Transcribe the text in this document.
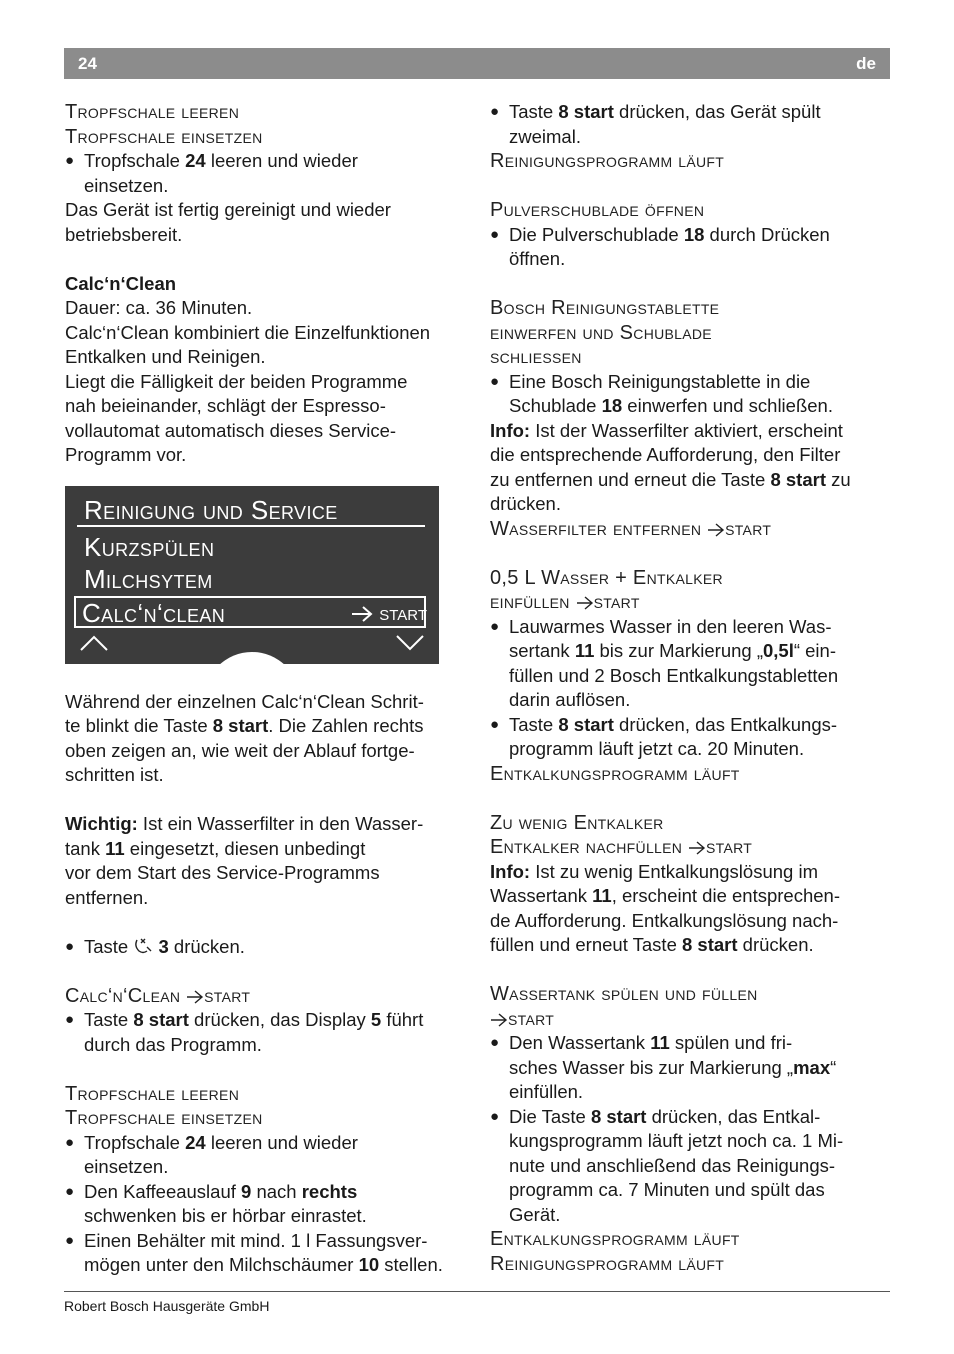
24	de
Tropfschale leeren
Tropfschale einsetzen
● Tropfschale 24 leeren und wieder
einsetzen.
Das Gerät ist fertig gereinigt und wieder
betriebsbereit.
Calc‘n‘Clean
Dauer: ca. 36 Minuten.
Calc‘n‘Clean kombiniert die Einzelfunktionen
Entkalken und Reinigen.
Liegt die Fälligkeit der beiden Programme
nah beieinander, schlägt der Espresso-
vollautomat automatisch dieses Service-
Programm vor.
Reinigung und Service
Kurzspülen
Milchsytem
Calc‘n‘clean	start
Während der einzelnen Calc‘n‘Clean Schrit-
te blinkt die Taste 8 start. Die Zahlen rechts
oben zeigen an, wie weit der Ablauf fortge-
schritten ist.
Wichtig: Ist ein Wasserfilter in den Wasser-
tank 11 eingesetzt, diesen unbedingt
vor dem Start des Service-Programms
entfernen.
● Taste  3 drücken.
Calc‘n‘Clean start
● Taste 8 start drücken, das Display 5 führt
durch das Programm.
Tropfschale leeren
Tropfschale einsetzen
● Tropfschale 24 leeren und wieder
einsetzen.
● Den Kaffeeauslauf 9 nach rechts
schwenken bis er hörbar einrastet.
● Einen Behälter mit mind. 1 l Fassungsver-
mögen unter den Milchschäumer 10 stellen.
● Taste 8 start drücken, das Gerät spült
zweimal.
Reinigungsprogramm läuft
Pulverschublade öffnen
● Die Pulverschublade 18 durch Drücken
öffnen.
Bosch Reinigungstablette
einwerfen und Schublade
schliessen
● Eine Bosch Reinigungstablette in die
Schublade 18 einwerfen und schließen.
Info: Ist der Wasserfilter aktiviert, erscheint
die entsprechende Aufforderung, den Filter
zu entfernen und erneut die Taste 8 start zu
drücken.
Wasserfilter entfernen start
0,5 L Wasser + Entkalker
einfüllen start
● Lauwarmes Wasser in den leeren Was-
sertank 11 bis zur Markierung „0,5l“ ein-
füllen und 2 Bosch Entkalkungstabletten
darin auflösen.
● Taste 8 start drücken, das Entkalkungs-
programm läuft jetzt ca. 20 Minuten.
Entkalkungsprogramm läuft
Zu wenig Entkalker
Entkalker nachfüllen start
Info: Ist zu wenig Entkalkungslösung im
Wassertank 11, erscheint die entsprechen-
de Aufforderung. Entkalkungslösung nach-
füllen und erneut Taste 8 start drücken.
Wassertank spülen und füllen
start
● Den Wassertank 11 spülen und fri-
sches Wasser bis zur Markierung „max“
einfüllen.
● Die Taste 8 start drücken, das Entkal-
kungsprogramm läuft jetzt noch ca. 1 Mi-
nute und anschließend das Reinigungs-
programm ca. 7 Minuten und spült das
Gerät.
Entkalkungsprogramm läuft
Reinigungsprogramm läuft
Robert Bosch Hausgeräte GmbH
